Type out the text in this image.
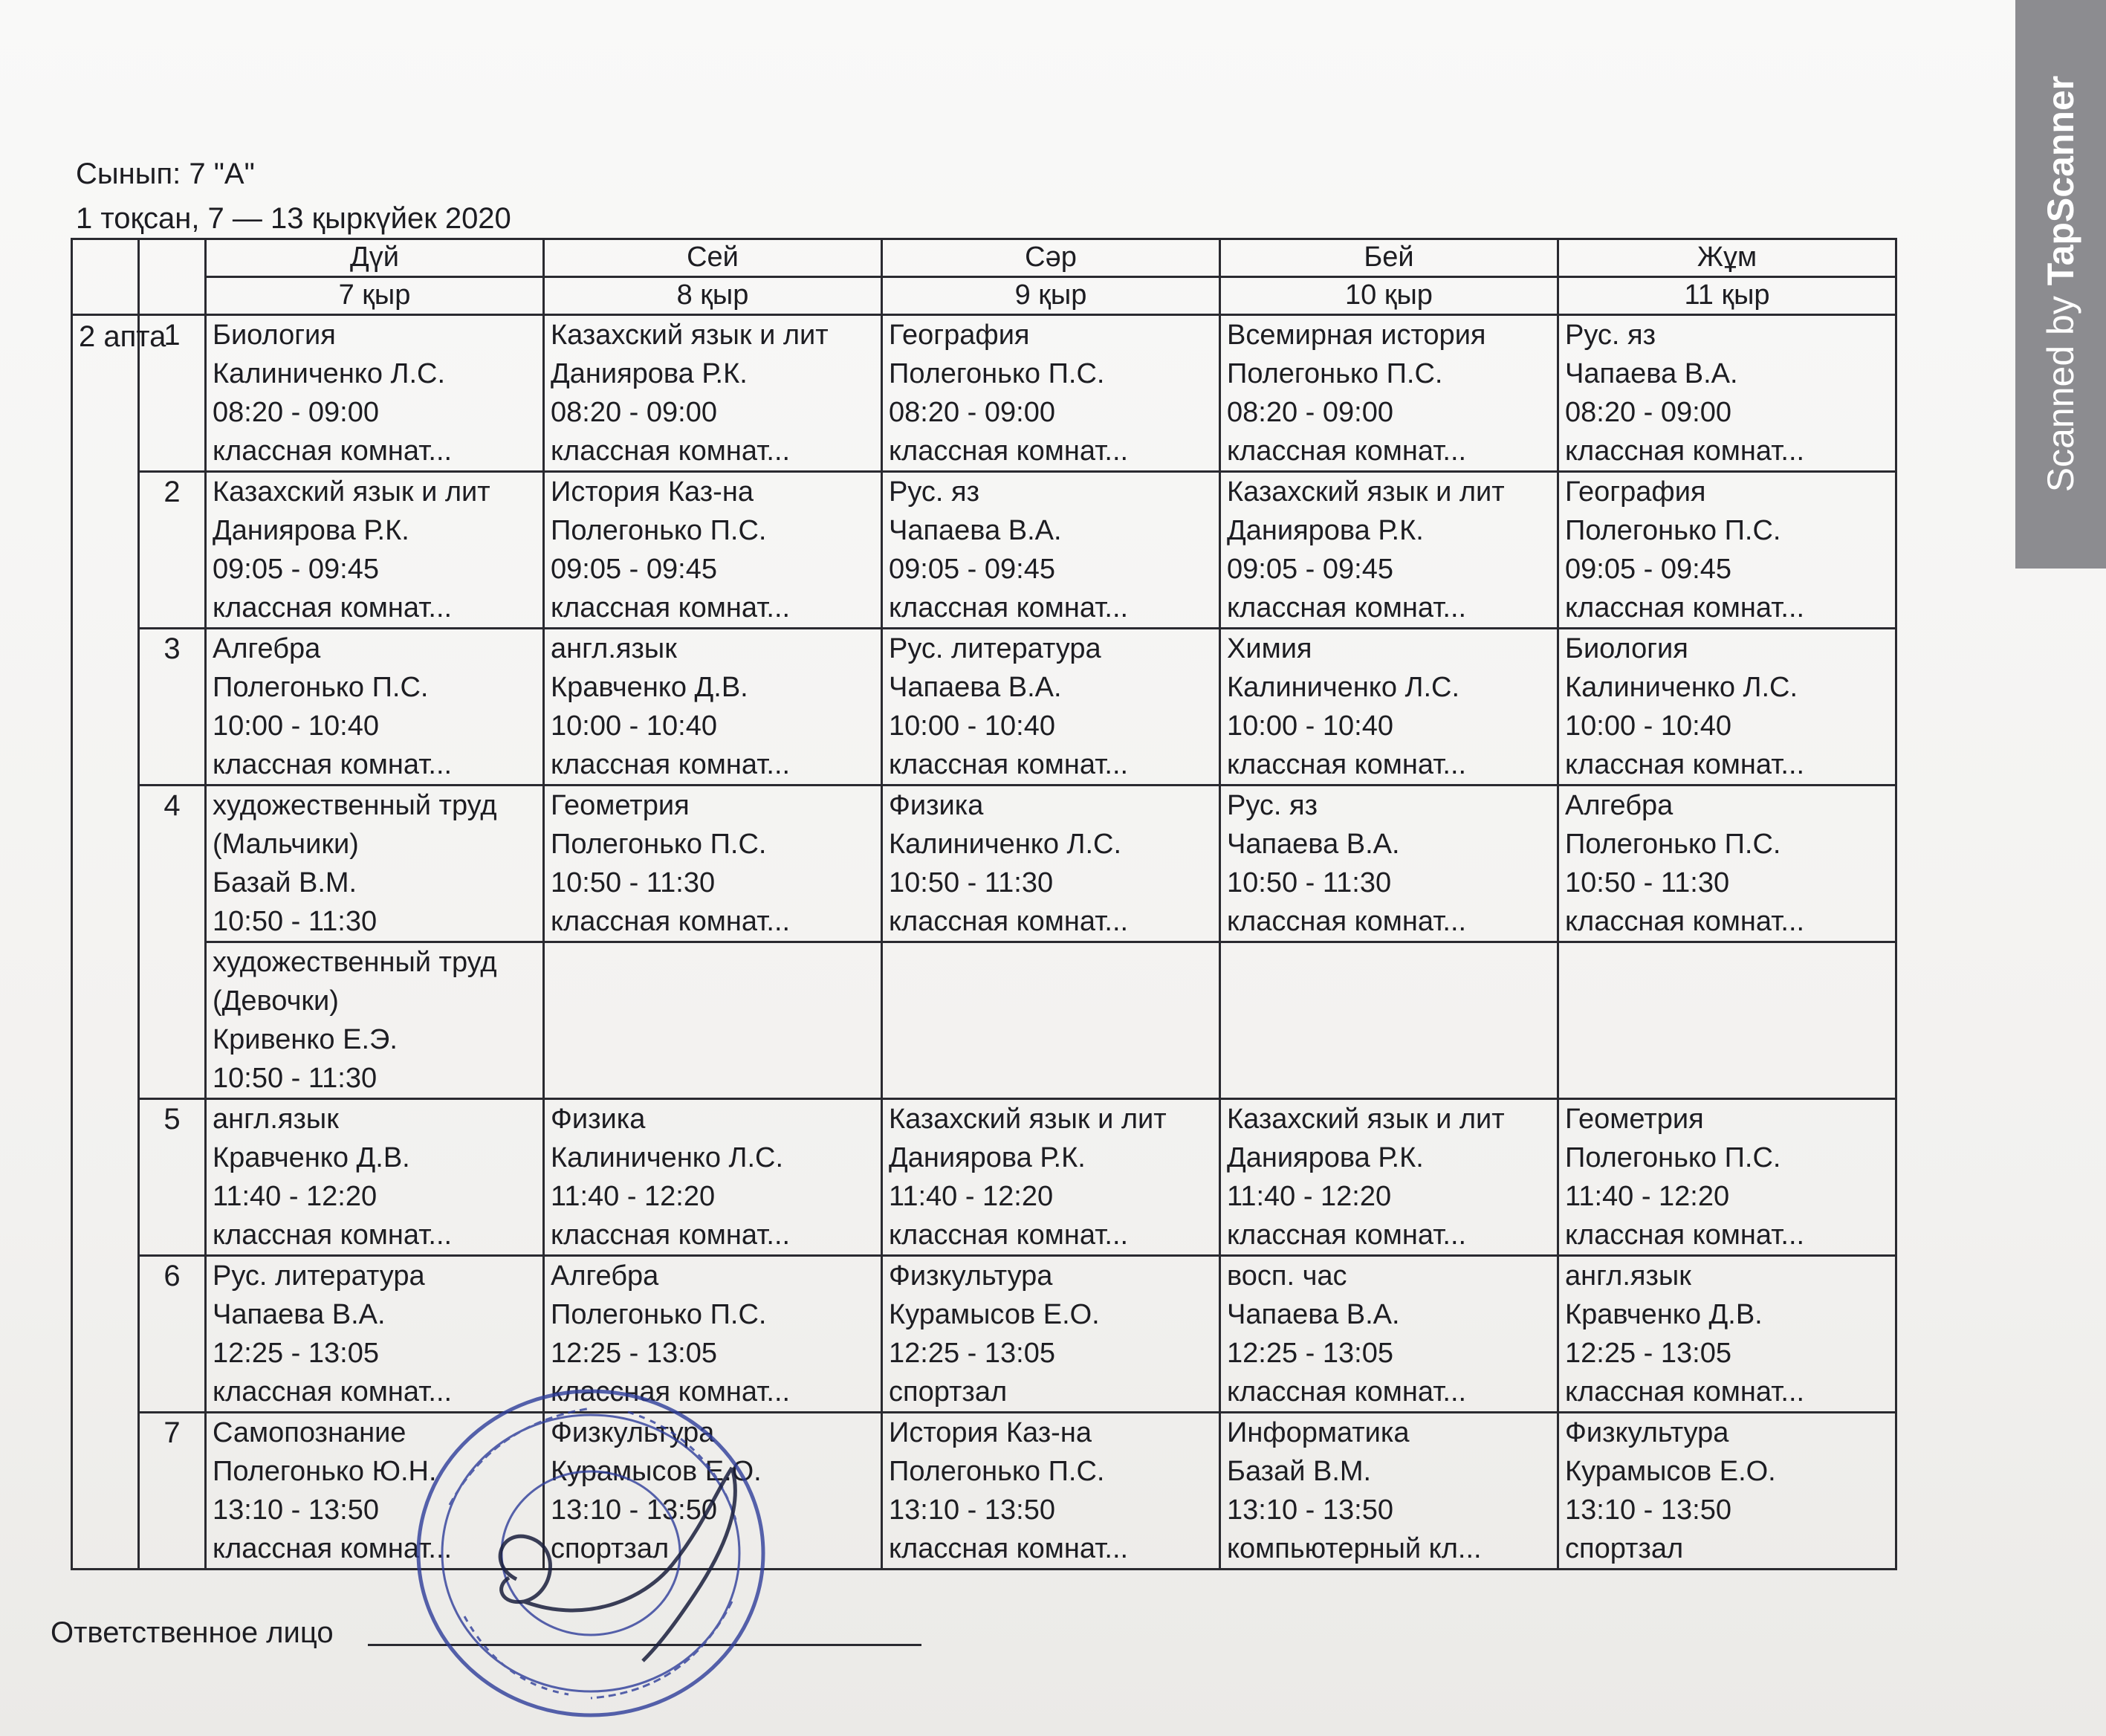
Сынып: 7 "А"
1 тоқсан, 7 — 13 қыркүйек 2020
		Дүй	Сей	Сәр	Бей	Жұм
		7 қыр	8 қыр	9 қыр	10 қыр	11 қыр
2 апта	1	Биология
Калиниченко Л.С.
08:20 - 09:00
классная комнат...	Казахский язык и лит
Даниярова Р.К.
08:20 - 09:00
классная комнат...	География
Полегонько П.С.
08:20 - 09:00
классная комнат...	Всемирная история
Полегонько П.С.
08:20 - 09:00
классная комнат...	Рус. яз
Чапаева В.А.
08:20 - 09:00
классная комнат...

	2	Казахский язык и лит
Даниярова Р.К.
09:05 - 09:45
классная комнат...	История Каз-на
Полегонько П.С.
09:05 - 09:45
классная комнат...	Рус. яз
Чапаева В.А.
09:05 - 09:45
классная комнат...	Казахский язык и лит
Даниярова Р.К.
09:05 - 09:45
классная комнат...	География
Полегонько П.С.
09:05 - 09:45
классная комнат...

	3	Алгебра
Полегонько П.С.
10:00 - 10:40
классная комнат...	англ.язык
Кравченко Д.В.
10:00 - 10:40
классная комнат...	Рус. литература
Чапаева В.А.
10:00 - 10:40
классная комнат...	Химия
Калиниченко Л.С.
10:00 - 10:40
классная комнат...	Биология
Калиниченко Л.С.
10:00 - 10:40
классная комнат...

	4	художественный труд
(Мальчики)
Базай В.М.
10:50 - 11:30	Геометрия
Полегонько П.С.
10:50 - 11:30
классная комнат...	Физика
Калиниченко Л.С.
10:50 - 11:30
классная комнат...	Рус. яз
Чапаева В.А.
10:50 - 11:30
классная комнат...	Алгебра
Полегонько П.С.
10:50 - 11:30
классная комнат...

		художественный труд
(Девочки)
Кривенко Е.Э.
10:50 - 11:30				

	5	англ.язык
Кравченко Д.В.
11:40 - 12:20
классная комнат...	Физика
Калиниченко Л.С.
11:40 - 12:20
классная комнат...	Казахский язык и лит
Даниярова Р.К.
11:40 - 12:20
классная комнат...	Казахский язык и лит
Даниярова Р.К.
11:40 - 12:20
классная комнат...	Геометрия
Полегонько П.С.
11:40 - 12:20
классная комнат...

	6	Рус. литература
Чапаева В.А.
12:25 - 13:05
классная комнат...	Алгебра
Полегонько П.С.
12:25 - 13:05
классная комнат...	Физкультура
Курамысов Е.О.
12:25 - 13:05
спортзал	восп. час
Чапаева В.А.
12:25 - 13:05
классная комнат...	англ.язык
Кравченко Д.В.
12:25 - 13:05
классная комнат...

	7	Самопознание
Полегонько Ю.Н.
13:10 - 13:50
классная комнат...	Физкультура
Курамысов Е.О.
13:10 - 13:50
спортзал	История Каз-на
Полегонько П.С.
13:10 - 13:50
классная комнат...	Информатика
Базай В.М.
13:10 - 13:50
компьютерный кл...	Физкультура
Курамысов Е.О.
13:10 - 13:50
спортзал
Ответственное лицо
Scanned by TapScanner
